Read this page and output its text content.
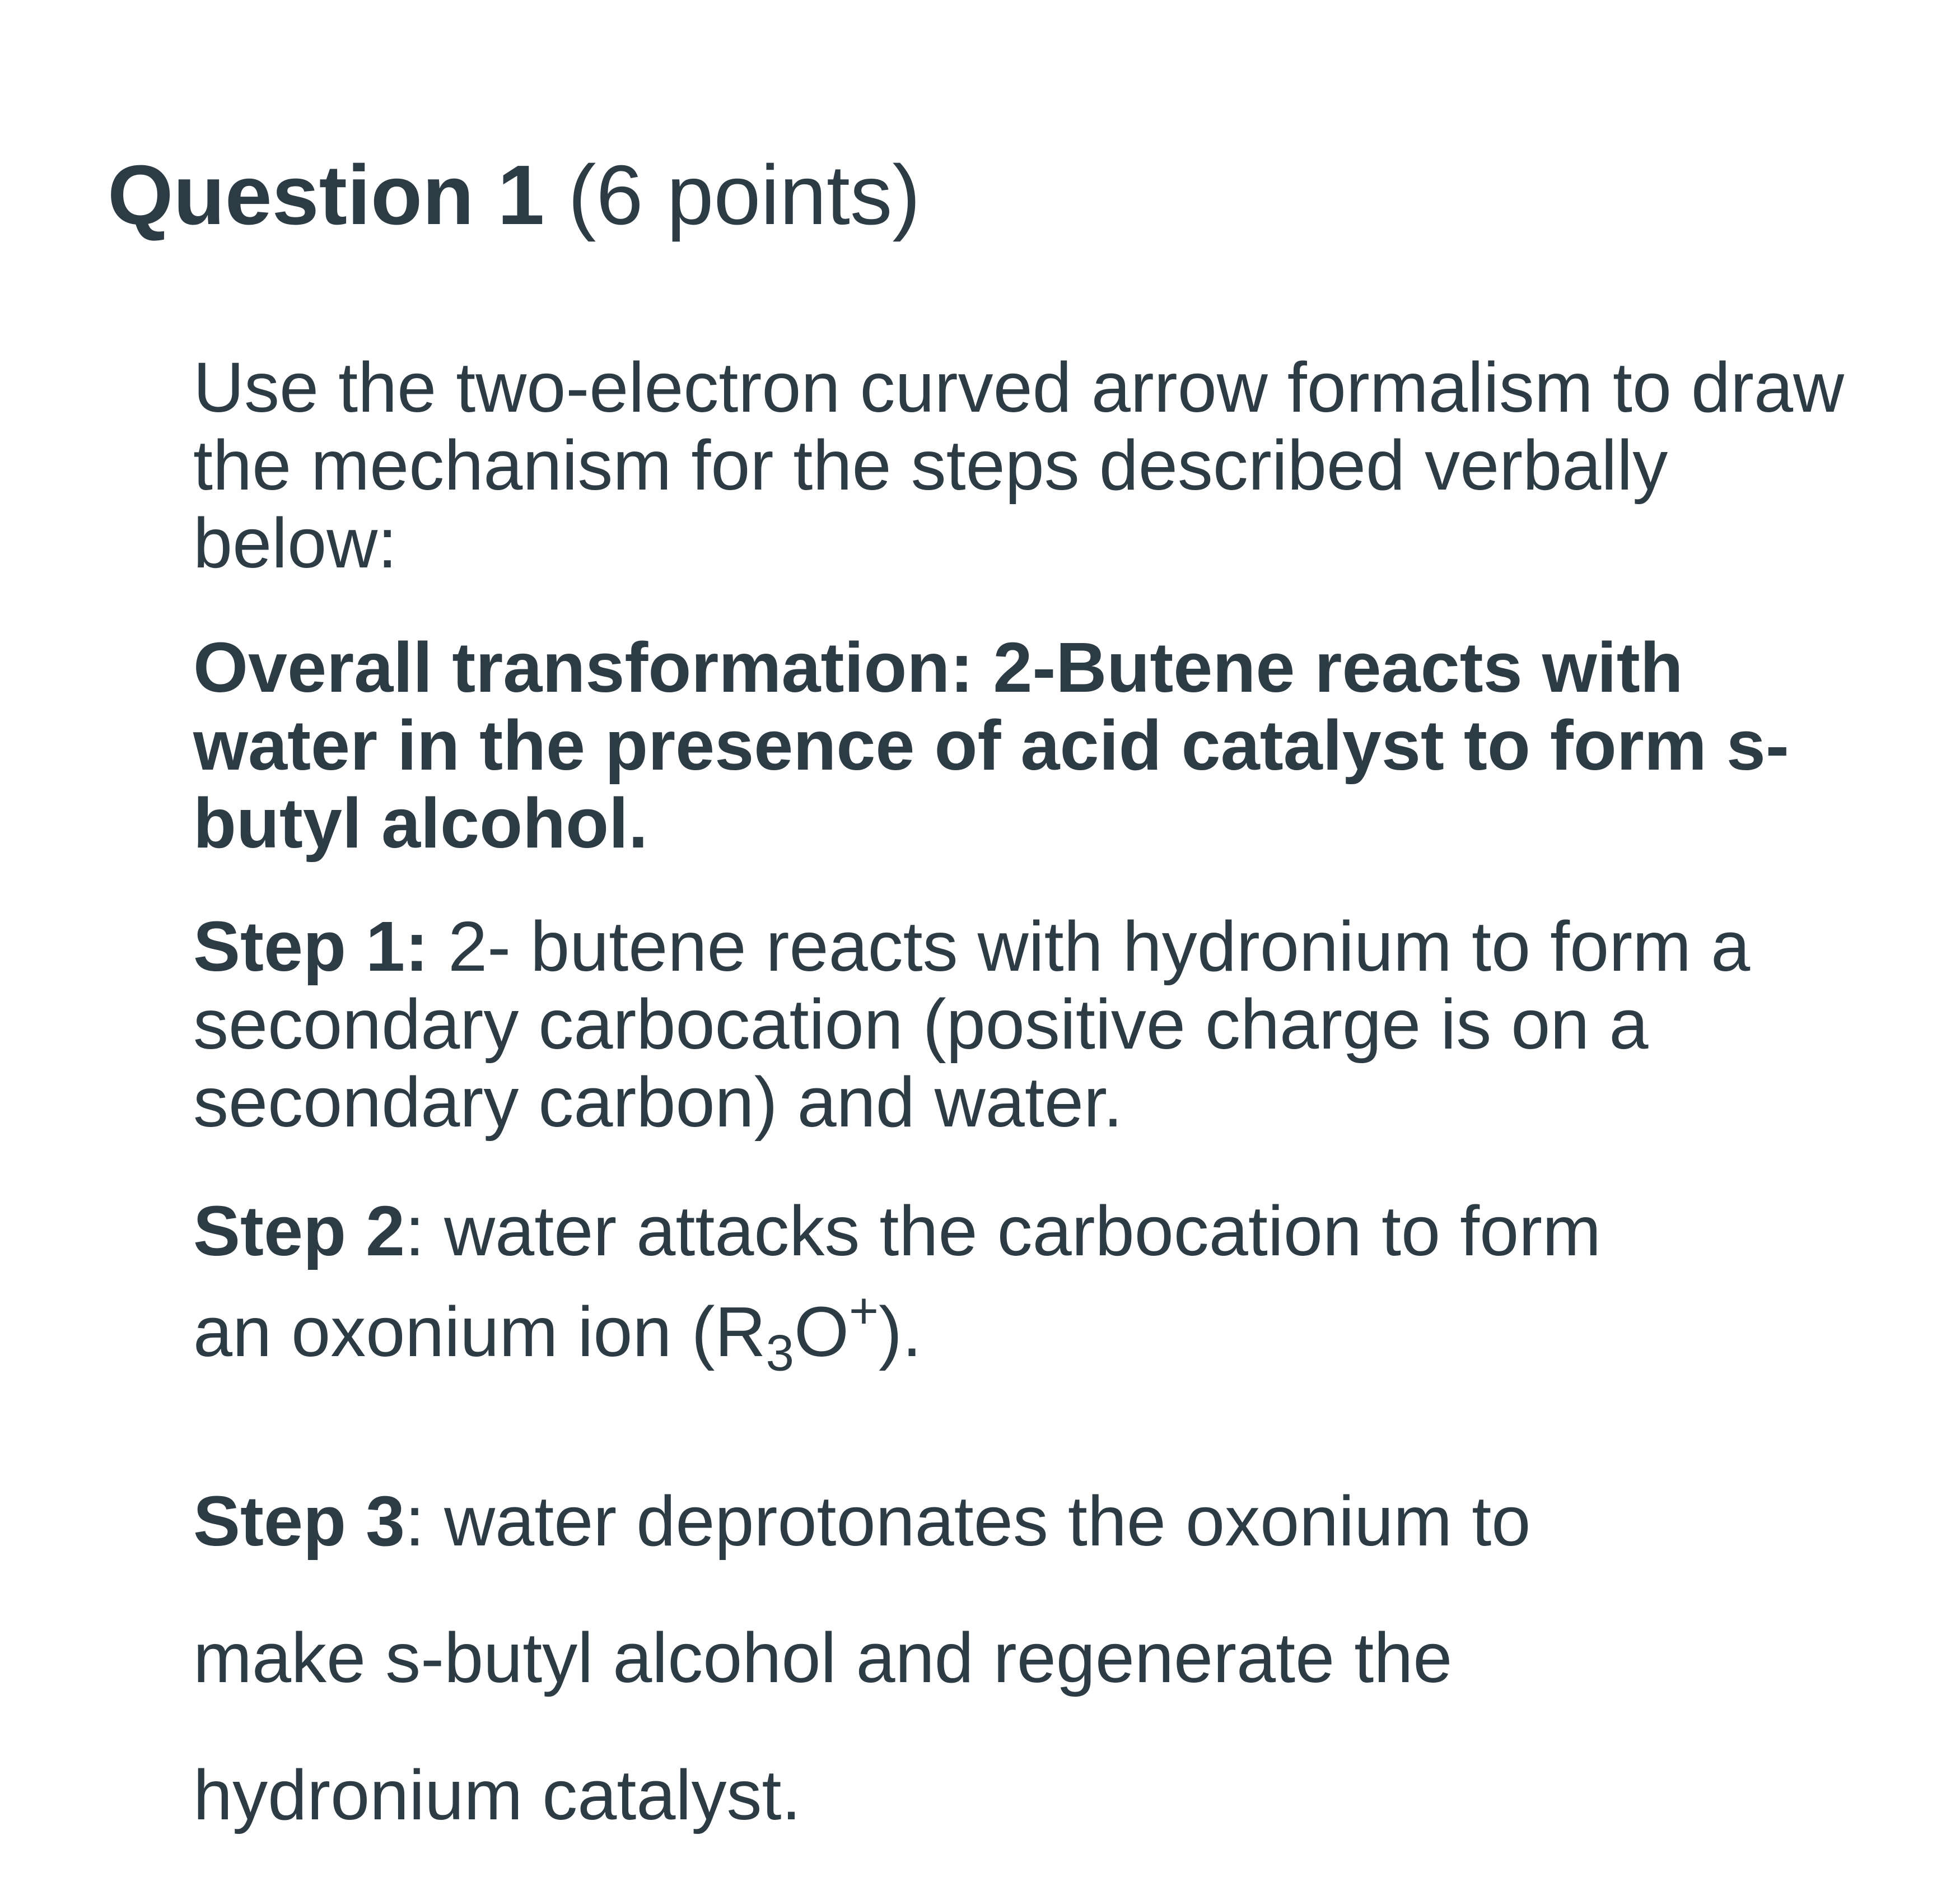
Question 1 (6 points)
Use the two-electron curved arrow formalism to draw the mechanism for the steps described verbally below:
Overall transformation: 2-Butene reacts with water in the presence of acid catalyst to form s-butyl alcohol.
Step 1: 2- butene reacts with hydronium to form a secondary carbocation (positive charge is on a secondary carbon) and water.
Step 2: water attacks the carbocation to form
an oxonium ion $(R_3O^+)$.
Step 3: water deprotonates the oxonium to
make s-butyl alcohol and regenerate the
hydronium catalyst.
